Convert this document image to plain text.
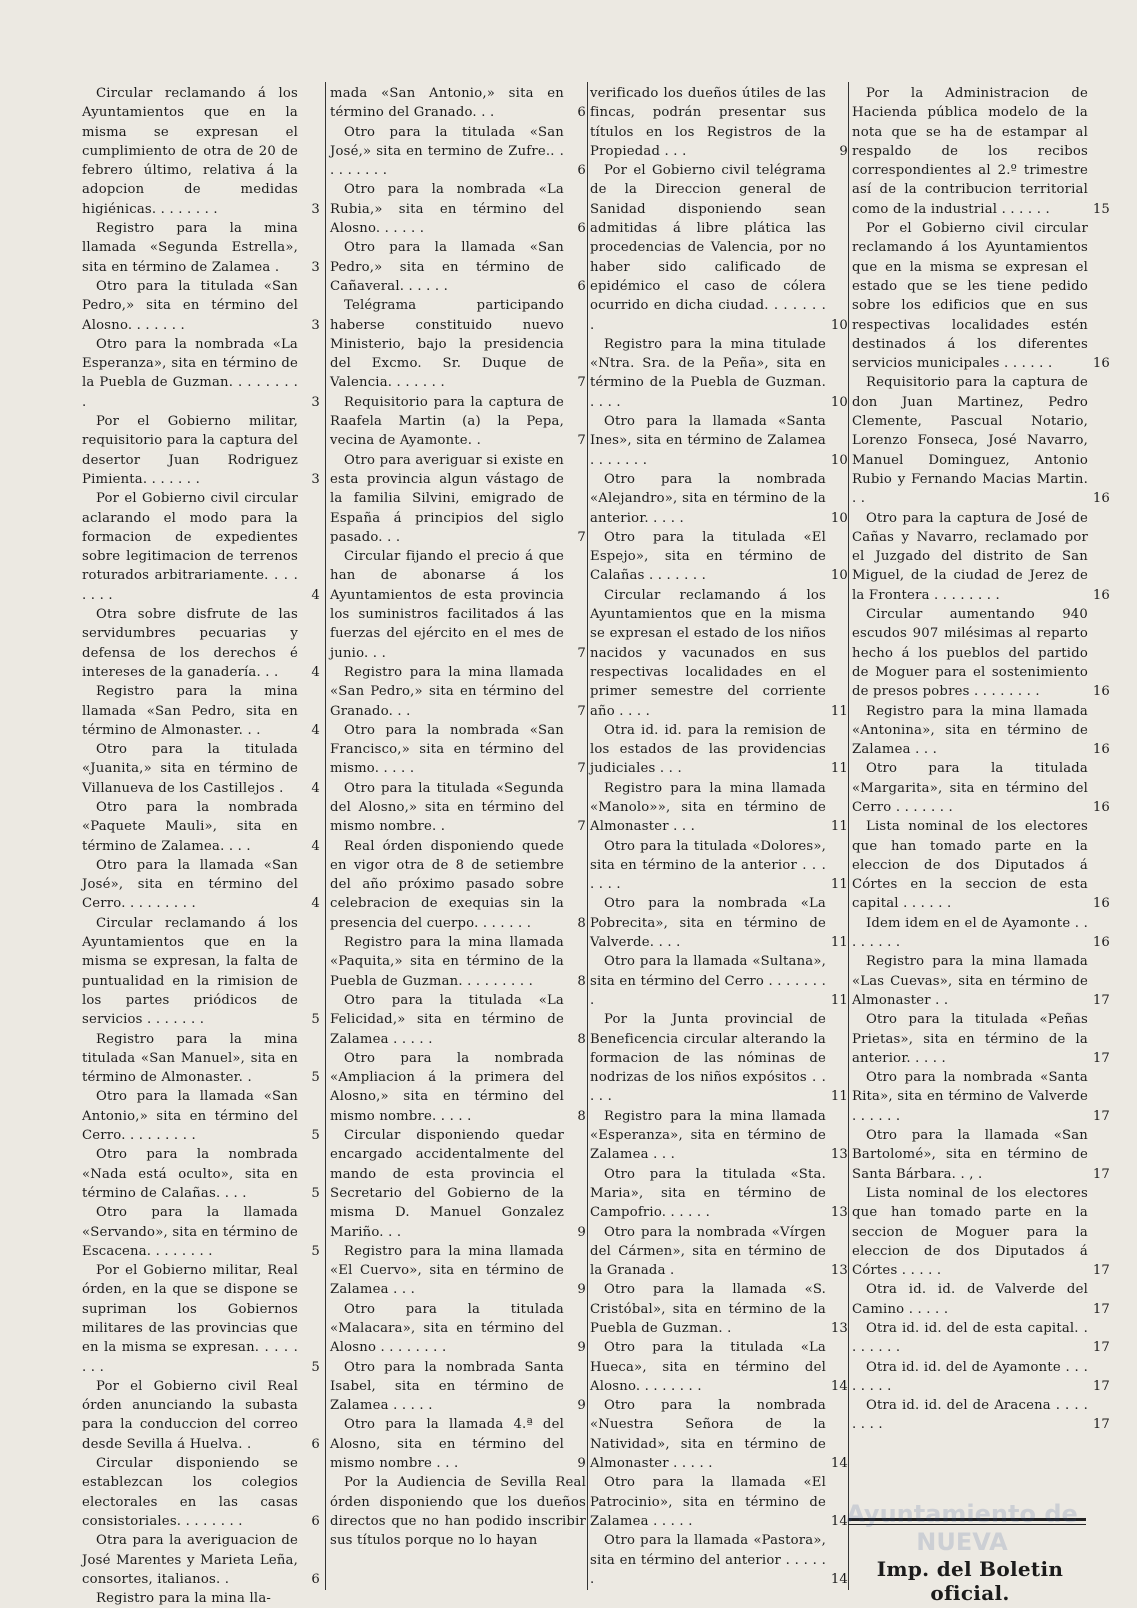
Circular reclamando á los Ayuntamientos que en la misma se expresan el cumplimiento de otra de 20 de febrero último, relativa á la adopcion de medidas higiénicas. . . . . . . .	3

Registro para la mina llamada «Segunda Estrella», sita en término de Zalamea . 3

Otro para la titulada «San Pedro,» sita en término del Alosno. . . . . . .	3

Otro para la nombrada «La Esperanza», sita en término de la Puebla de Guzman. . . . . . . . .	3

Por el Gobierno militar, requisitorio para la captura del desertor Juan Rodriguez Pimienta. . . . . . .	3

Por el Gobierno civil circular aclarando el modo para la formacion de expedientes sobre legitimacion de terrenos roturados arbitrariamente. . . . . . . .	4

Otra sobre disfrute de las servidumbres pecuarias y defensa de los derechos é intereses de la ganadería. . . 4

Registro para la mina llamada «San Pedro, sita en término de Almonaster. . .	4

Otro para la titulada «Juanita,» sita en término de Villanueva de los Castillejos . 4

Otro para la nombrada «Paquete Mauli», sita en término de Zalamea. . . .	4

Otro para la llamada «San José», sita en término del Cerro. . . . . . . . .	4

Circular reclamando á los Ayuntamientos que en la misma se expresan, la falta de puntualidad en la rimision de los partes priódicos de servicios . . . . . . .	5

Registro para la mina titulada «San Manuel», sita en término de Almonaster. .	5

Otro para la llamada «San Antonio,» sita en término del Cerro. . . . . . . . .	5

Otro para la nombrada «Nada está oculto», sita en término de Calañas. . . .	5

Otro para la llamada «Servando», sita en término de Escacena. . . . . . . .	5

Por el Gobierno militar, Real órden, en la que se dispone se supriman los Gobiernos militares de las provincias que en la misma se expresan. . . . . . . .	5

Por el Gobierno civil Real órden anunciando la subasta para la conduccion del correo desde Sevilla á Huelva. .	6

Circular disponiendo se establezcan los colegios electorales en las casas consistoriales. . . . . . . .	6

Otra para la averiguacion de José Marentes y Marieta Leña, consortes, italianos. .	6

Registro para la mina lla-

mada «San Antonio,» sita en término del Granado. . .	6

Otro para la titulada «San José,» sita en termino de Zufre.. . . . . . . . .	6

Otro para la nombrada «La Rubia,» sita en término del Alosno. . . . . .	6

Otro para la llamada «San Pedro,» sita en término de Cañaveral. . . . . .	6

Telégrama participando haberse constituido nuevo Ministerio, bajo la presidencia del Excmo. Sr. Duque de Valencia. . . . . . .	7

Requisitorio para la captura de Raafela Martin (a) la Pepa, vecina de Ayamonte. .	7

Otro para averiguar si existe en esta provincia algun vástago de la familia Silvini, emigrado de España á principios del siglo pasado. . .	7

Circular fijando el precio á que han de abonarse á los Ayuntamientos de esta provincia los suministros facilitados á las fuerzas del ejército en el mes de junio. . .	7

Registro para la mina llamada «San Pedro,» sita en término del Granado. . .	7

Otro para la nombrada «San Francisco,» sita en término del mismo. . . . .	7

Otro para la titulada «Segunda del Alosno,» sita en término del mismo nombre. .	7

Real órden disponiendo quede en vigor otra de 8 de setiembre del año próximo pasado sobre celebracion de exequias sin la presencia del cuerpo. . . . . . .	8

Registro para la mina llamada «Paquita,» sita en término de la Puebla de Guzman. . . . . . . . .	8

Otro para la titulada «La Felicidad,» sita en término de Zalamea . . . . .	8

Otro para la nombrada «Ampliacion á la primera del Alosno,» sita en término del mismo nombre. . . . .	8

Circular disponiendo quedar encargado accidentalmente del mando de esta provincia el Secretario del Gobierno de la misma D. Manuel Gonzalez Mariño. . .	9

Registro para la mina llamada «El Cuervo», sita en término de Zalamea . . .	9

Otro para la titulada «Malacara», sita en término del Alosno . . . . . . . .	9

Otro para la nombrada Santa Isabel, sita en término de Zalamea . . . . .	9

Otro para la llamada 4.ª del Alosno, sita en término del mismo nombre . . .	9

Por la Audiencia de Sevilla Real órden disponiendo que los dueños directos que no han podido inscribir sus títulos porque no lo hayan

verificado los dueños útiles de las fincas, podrán presentar sus títulos en los Registros de la Propiedad . . .	9

Por el Gobierno civil telégrama de la Direccion general de Sanidad disponiendo sean admitidas á libre plática las procedencias de Valencia, por no haber sido calificado de epidémico el caso de cólera ocurrido en dicha ciudad. . . . . . . .	10

Registro para la mina titulade «Ntra. Sra. de la Peña», sita en término de la Puebla de Guzman. . . . .	10

Otro para la llamada «Santa Ines», sita en término de Zalamea . . . . . . .	10

Otro para la nombrada «Alejandro», sita en término de la anterior. . . . .	10

Otro para la titulada «El Espejo», sita en término de Calañas . . . . . . .	10

Circular reclamando á los Ayuntamientos que en la misma se expresan el estado de los niños nacidos y vacunados en sus respectivas localidades en el primer semestre del corriente año . . . .	11

Otra id. id. para la remision de los estados de las providencias judiciales . . .	11

Registro para la mina llamada «Manolo»», sita en término de Almonaster . . .	11

Otro para la titulada «Dolores», sita en término de la anterior . . . . . . .	11

Otro para la nombrada «La Pobrecita», sita en término de Valverde. . . .	11

Otro para la llamada «Sultana», sita en término del Cerro . . . . . . . .	11

Por la Junta provincial de Beneficencia circular alterando la formacion de las nóminas de nodrizas de los niños expósitos . . . . .	11

Registro para la mina llamada «Esperanza», sita en término de Zalamea . . .	13

Otro para la titulada «Sta. Maria», sita en término de Campofrio. . . . . .	13

Otro para la nombrada «Vírgen del Cármen», sita en término de la Granada .	13

Otro para la llamada «S. Cristóbal», sita en término de la Puebla de Guzman. .	13

Otro para la titulada «La Hueca», sita en término del Alosno. . . . . . . .	14

Otro para la nombrada «Nuestra Señora de la Natividad», sita en término de Almonaster . . . . .	14

Otro para la llamada «El Patrocinio», sita en término de Zalamea . . . . .	14

Otro para la llamada «Pastora», sita en término del anterior . . . . . .	14

Por la Administracion de Hacienda pública modelo de la nota que se ha de estampar al respaldo de los recibos correspondientes al 2.º trimestre así de la contribucion territorial como de la industrial . . . . . .	15

Por el Gobierno civil circular reclamando á los Ayuntamientos que en la misma se expresan el estado que se les tiene pedido sobre los edificios que en sus respectivas localidades estén destinados á los diferentes servicios municipales . . . . . .	16

Requisitorio para la captura de don Juan Martinez, Pedro Clemente, Pascual Notario, Lorenzo Fonseca, José Navarro, Manuel Dominguez, Antonio Rubio y Fernando Macias Martin. . .	16

Otro para la captura de José de Cañas y Navarro, reclamado por el Juzgado del distrito de San Miguel, de la ciudad de Jerez de la Frontera . . . . . . . .	16

Circular aumentando 940 escudos 907 milésimas al reparto hecho á los pueblos del partido de Moguer para el sostenimiento de presos pobres . . . . . . . .	16

Registro para la mina llamada «Antonina», sita en término de Zalamea . . .	16

Otro para la titulada «Margarita», sita en término del Cerro . . . . . . .	16

Lista nominal de los electores que han tomado parte en la eleccion de dos Diputados á Córtes en la seccion de esta capital . . . . . .	16

Idem idem en el de Ayamonte . . . . . . . .	16

Registro para la mina llamada «Las Cuevas», sita en término de Almonaster . .	17

Otro para la titulada «Peñas Prietas», sita en término de la anterior. . . . .	17

Otro para la nombrada «Santa Rita», sita en término de Valverde . . . . . .	17

Otro para la llamada «San Bartolomé», sita en término de Santa Bárbara. . , .	17

Lista nominal de los electores que han tomado parte en la seccion de Moguer para la eleccion de dos Diputados á Córtes . . . . .	17

Otra id. id. de Valverde del Camino . . . . .	17

Otra id. id. del de esta capital. . . . . . . .	17

Otra id. id. del de Ayamonte . . . . . . . .	17

Otra id. id. del de Aracena . . . . . . . .	17

Ayuntamiento de NUEVA
Imp. del Boletin oficial.
